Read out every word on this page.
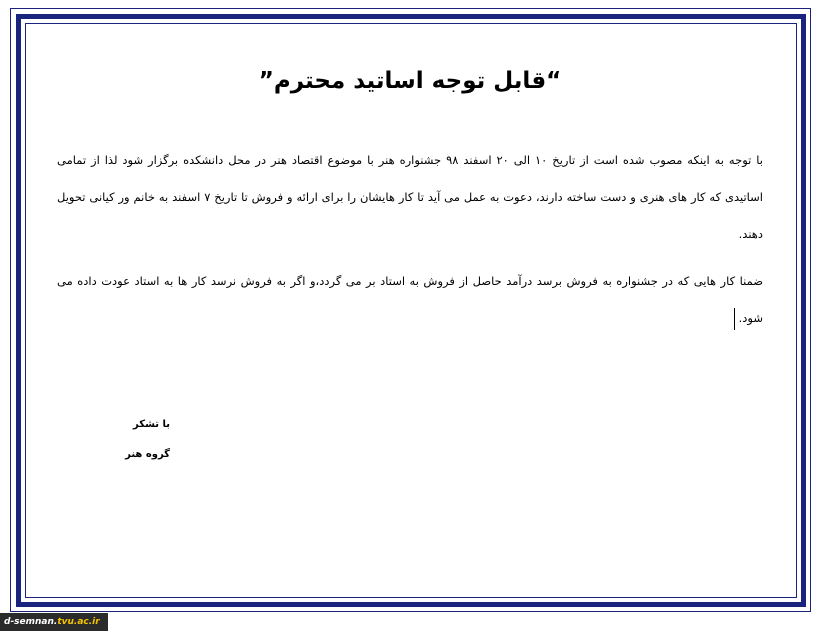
“قابل توجه اساتید محترم”

با توجه به اینکه مصوب شده است از تاریخ ۱۰ الی ۲۰ اسفند ۹۸ جشنواره هنر با موضوع اقتصاد هنر در محل دانشکده برگزار شود لذا از تمامی اساتیدی که کار های هنری و دست ساخته دارند، دعوت به عمل می آید تا کار هایشان را برای ارائه و فروش تا تاریخ ۷ اسفند به خانم ور کیانی تحویل دهند.

ضمنا کار هایی که در جشنواره به فروش برسد درآمد حاصل از فروش به استاد بر می گردد،و اگر به فروش نرسد کار ها به استاد عودت داده می شود.

با تشکر
گروه هنر
d-semnan.tvu.ac.ir
